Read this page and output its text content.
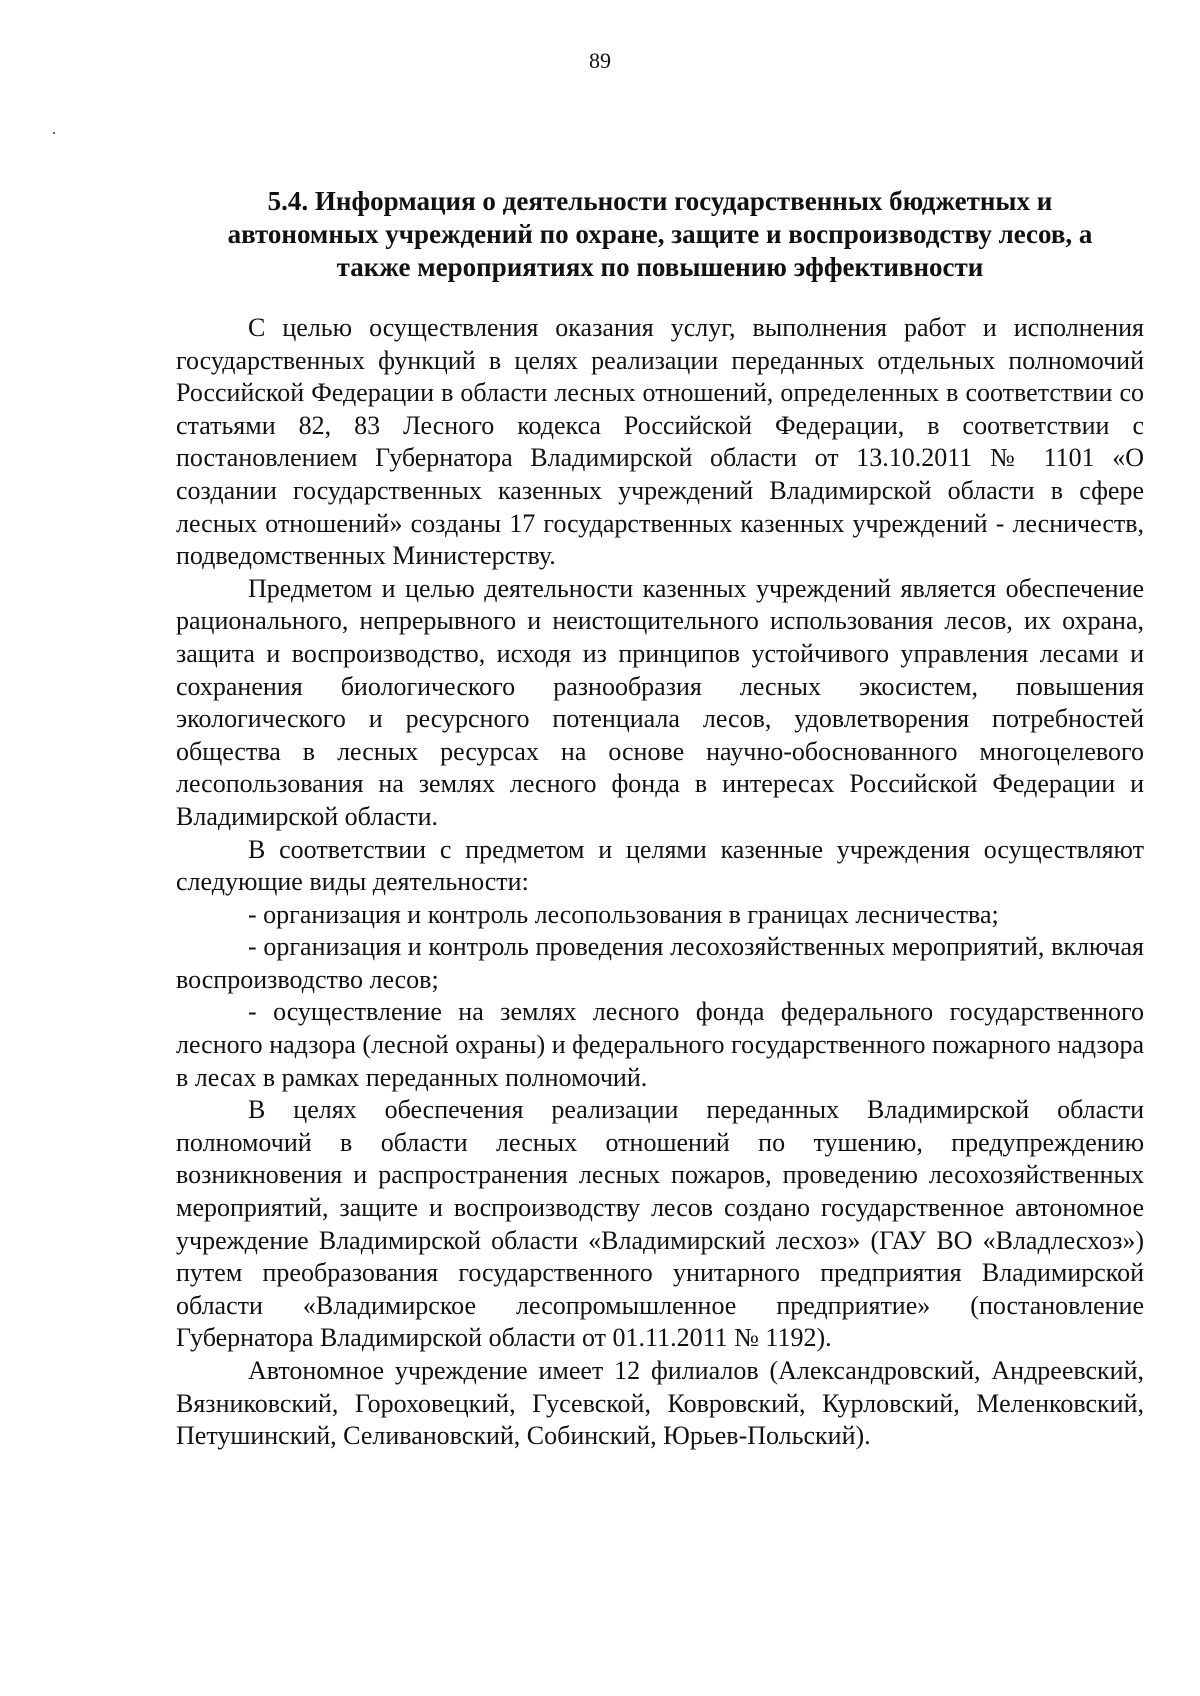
89
5.4. Информация о деятельности государственных бюджетных и
автономных учреждений по охране, защите и воспроизводству лесов, а
также мероприятиях по повышению эффективности

С целью осуществления оказания услуг, выполнения работ и исполнения государственных функций в целях реализации переданных отдельных полномочий Российской Федерации в области лесных отношений, определенных в соответствии со статьями 82, 83 Лесного кодекса Российской Федерации, в соответствии с постановлением Губернатора Владимирской области от 13.10.2011 № 1101 «О создании государственных казенных учреждений Владимирской области в сфере лесных отношений» созданы 17 государственных казенных учреждений - лесничеств, подведомственных Министерству.

Предметом и целью деятельности казенных учреждений является обеспечение рационального, непрерывного и неистощительного использования лесов, их охрана, защита и воспроизводство, исходя из принципов устойчивого управления лесами и сохранения биологического разнообразия лесных экосистем, повышения экологического и ресурсного потенциала лесов, удовлетворения потребностей общества в лесных ресурсах на основе научно-обоснованного многоцелевого лесопользования на землях лесного фонда в интересах Российской Федерации и Владимирской области.

В соответствии с предметом и целями казенные учреждения осуществляют следующие виды деятельности:

- организация и контроль лесопользования в границах лесничества;

- организация и контроль проведения лесохозяйственных мероприятий, включая воспроизводство лесов;

- осуществление на землях лесного фонда федерального государственного лесного надзора (лесной охраны) и федерального государственного пожарного надзора в лесах в рамках переданных полномочий.

В целях обеспечения реализации переданных Владимирской области полномочий в области лесных отношений по тушению, предупреждению возникновения и распространения лесных пожаров, проведению лесохозяйственных мероприятий, защите и воспроизводству лесов создано государственное автономное учреждение Владимирской области «Владимирский лесхоз» (ГАУ ВО «Владлесхоз») путем преобразования государственного унитарного предприятия Владимирской области «Владимирское лесопромышленное предприятие» (постановление Губернатора Владимирской области от 01.11.2011 № 1192).

Автономное учреждение имеет 12 филиалов (Александровский, Андреевский, Вязниковский, Гороховецкий, Гусевской, Ковровский, Курловский, Меленковский, Петушинский, Селивановский, Собинский, Юрьев-Польский).
